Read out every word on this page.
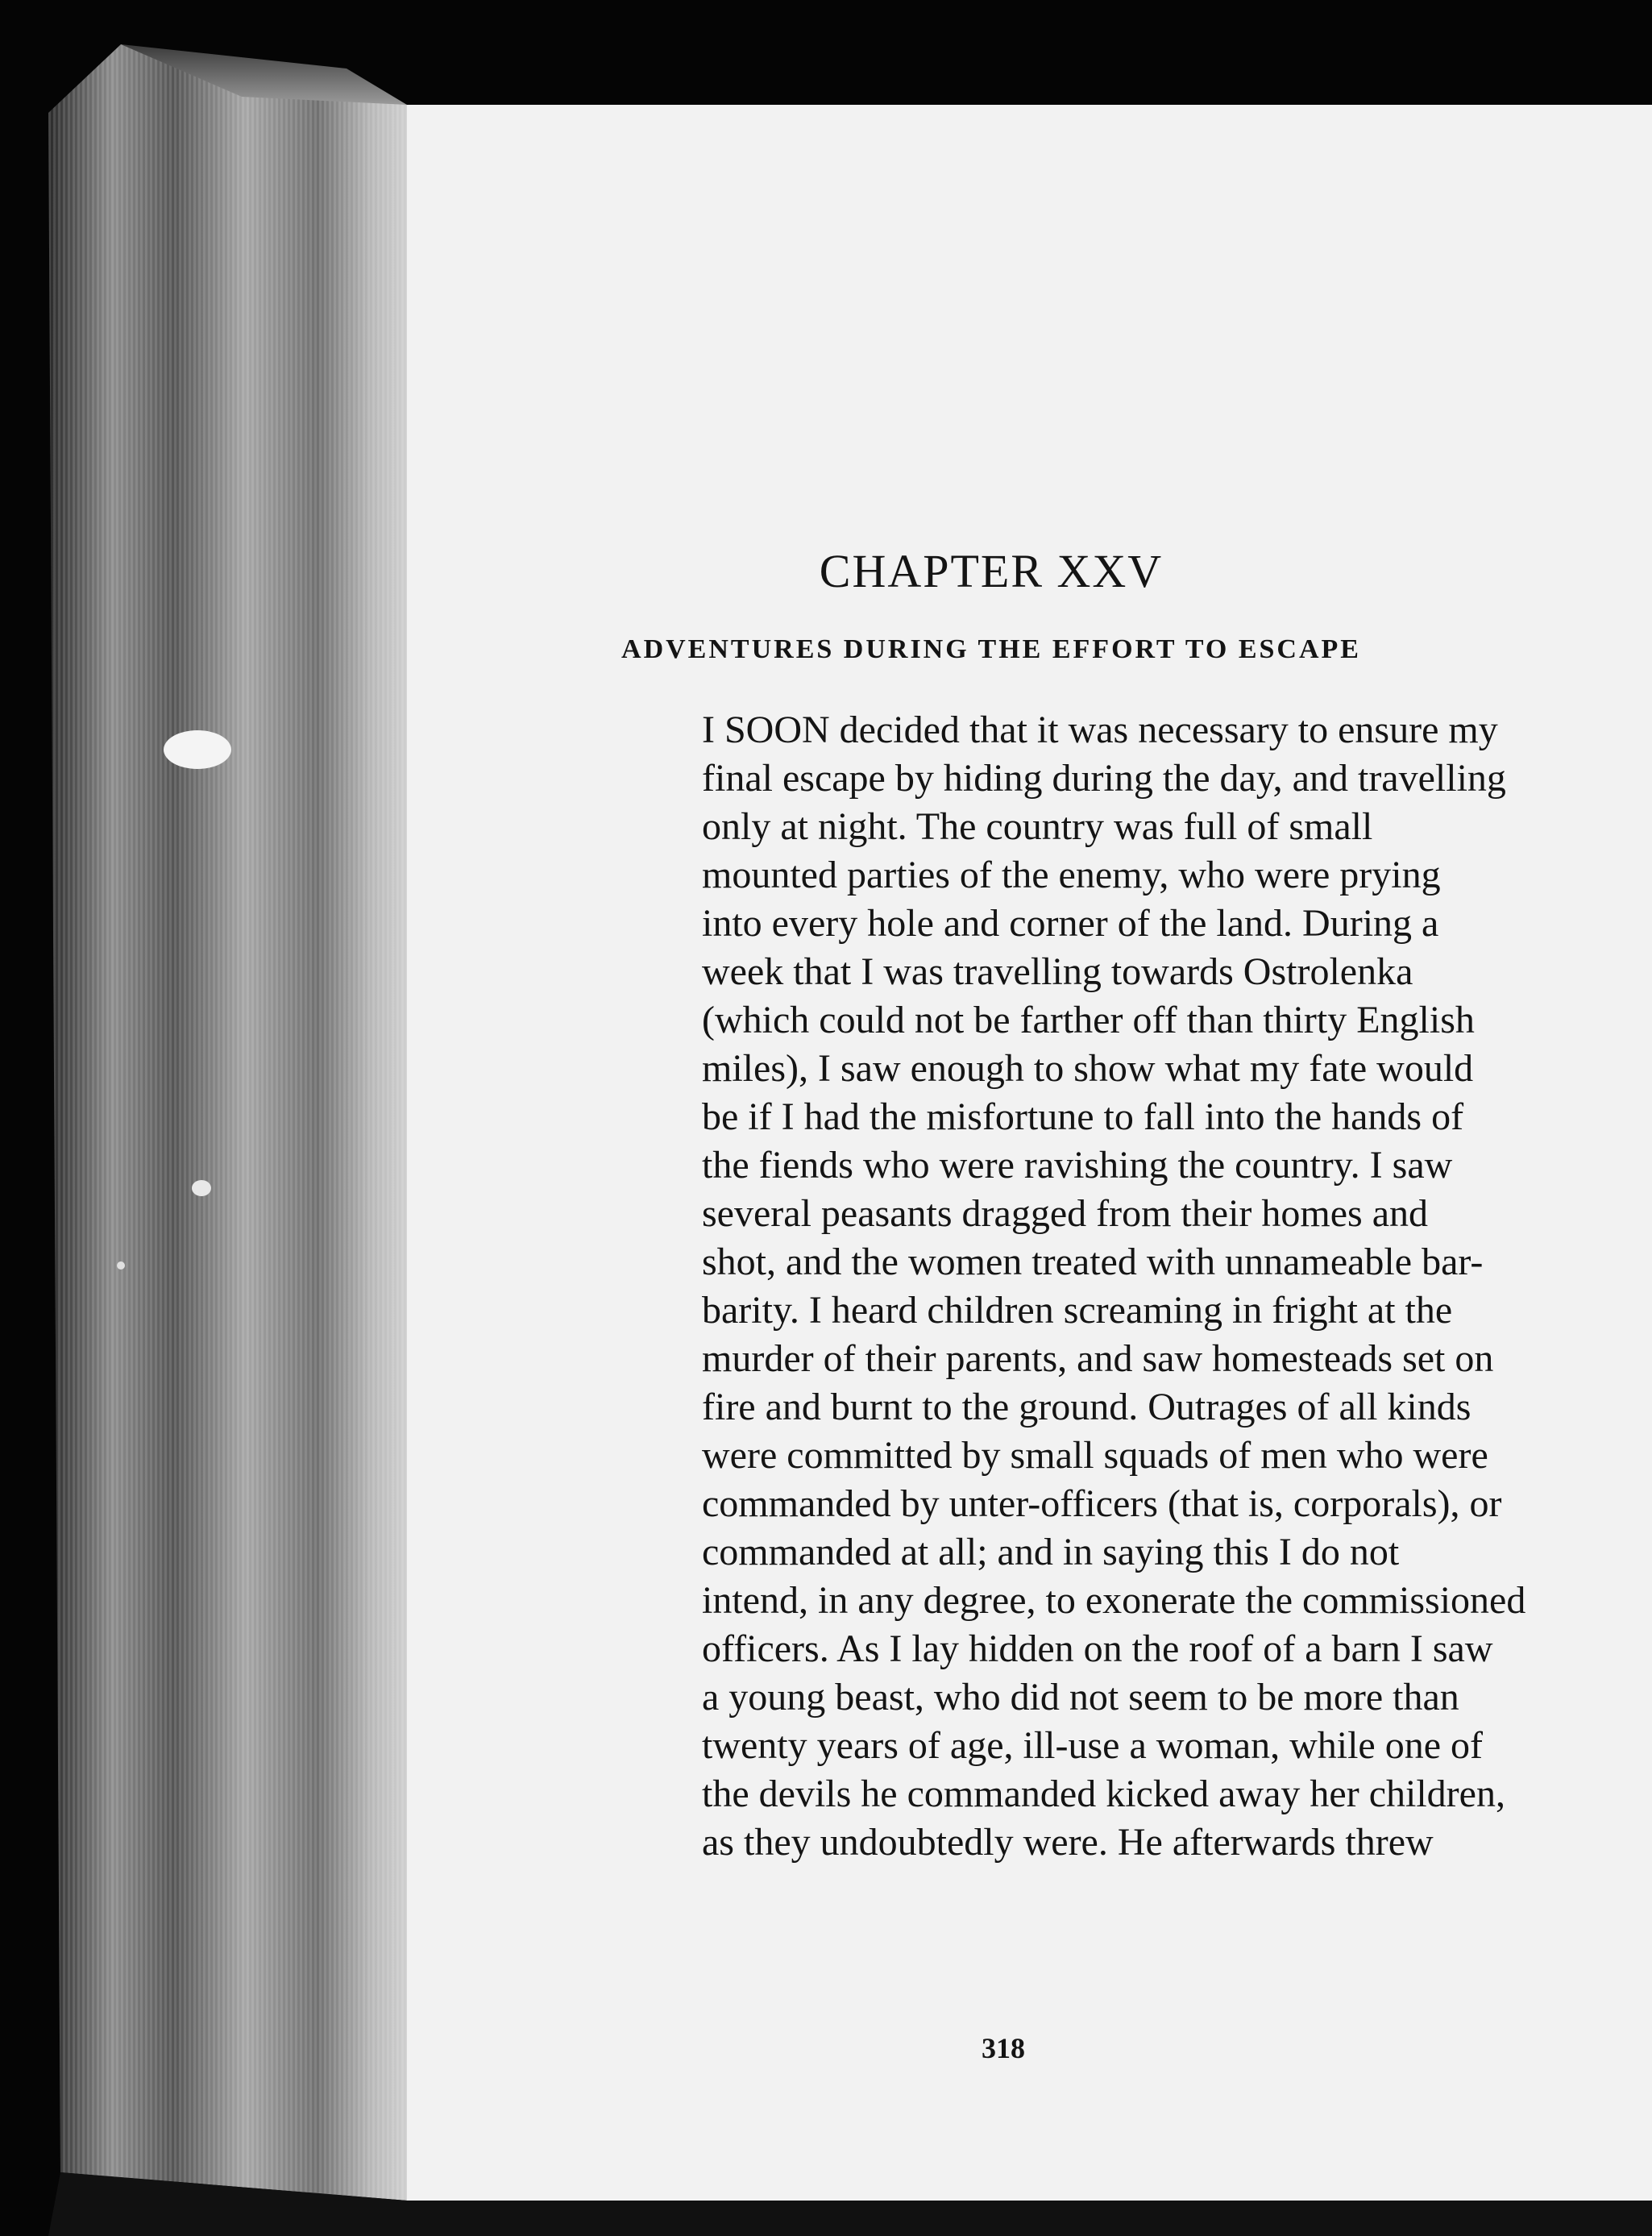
CHAPTER XXV
ADVENTURES DURING THE EFFORT TO ESCAPE
I SOON decided that it was necessary to ensure my
final escape by hiding during the day, and travelling
only at night. The country was full of small
mounted parties of the enemy, who were prying
into every hole and corner of the land. During a
week that I was travelling towards Ostrolenka
(which could not be farther off than thirty English
miles), I saw enough to show what my fate would
be if I had the misfortune to fall into the hands of
the fiends who were ravishing the country. I saw
several peasants dragged from their homes and
shot, and the women treated with unnameable bar-
barity. I heard children screaming in fright at the
murder of their parents, and saw homesteads set on
fire and burnt to the ground. Outrages of all kinds
were committed by small squads of men who were
commanded by unter-officers (that is, corporals), or
commanded at all; and in saying this I do not
intend, in any degree, to exonerate the commissioned
officers. As I lay hidden on the roof of a barn I saw
a young beast, who did not seem to be more than
twenty years of age, ill-use a woman, while one of
the devils he commanded kicked away her children,
as they undoubtedly were. He afterwards threw
318
